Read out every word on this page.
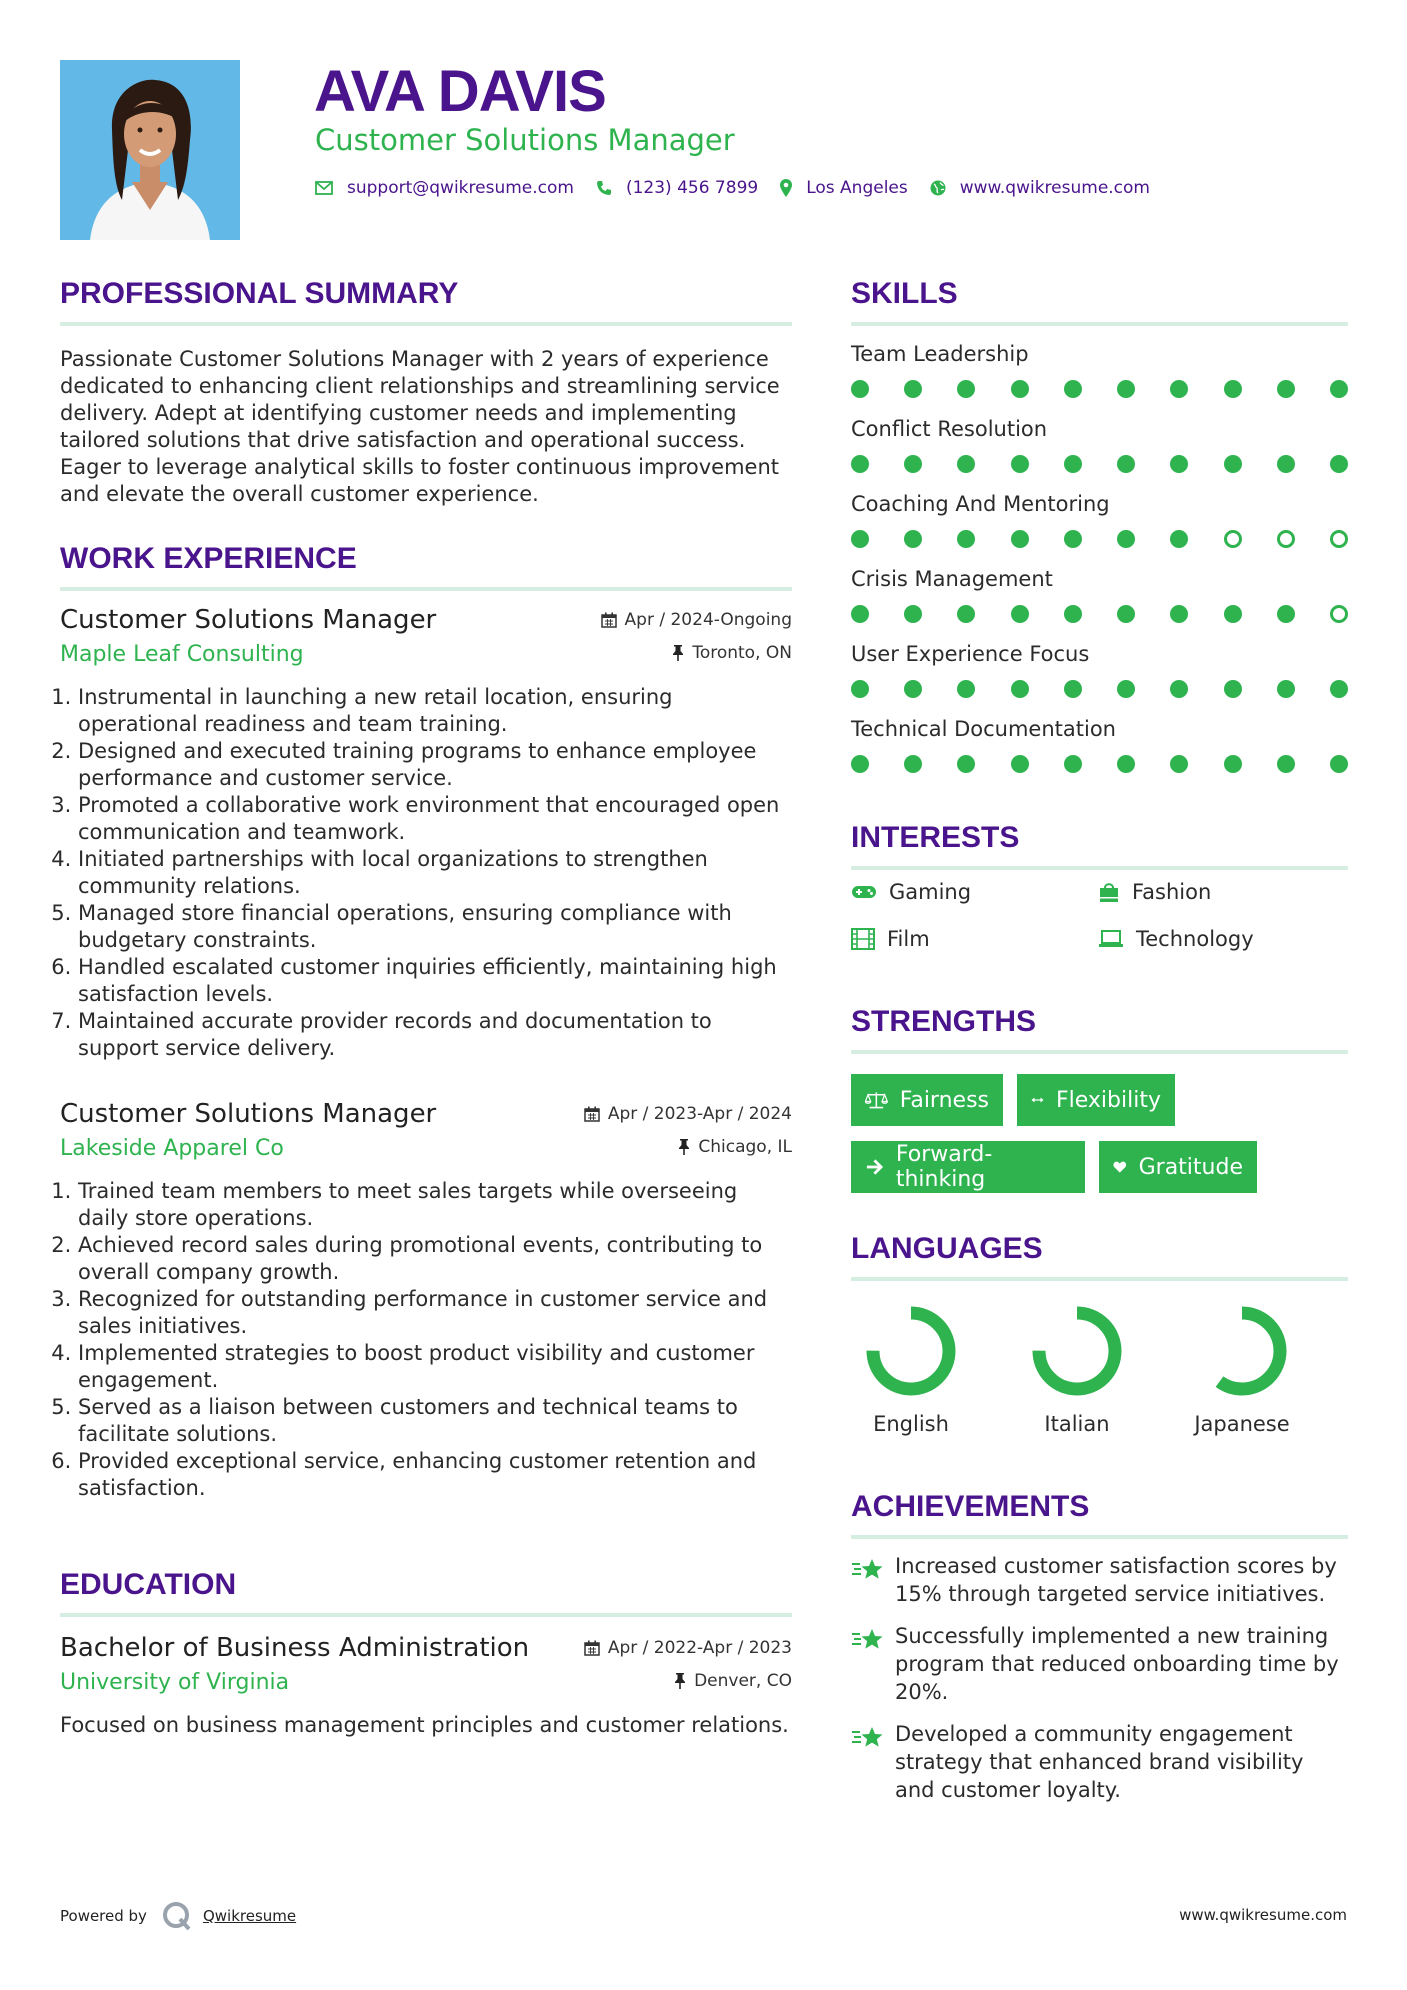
AVA DAVIS
Customer Solutions Manager
support@qwikresume.com	(123) 456 7899	Los Angeles	www.qwikresume.com
PROFESSIONAL SUMMARY

Passionate Customer Solutions Manager with 2 years of experience dedicated to enhancing client relationships and streamlining service delivery. Adept at identifying customer needs and implementing tailored solutions that drive satisfaction and operational success. Eager to leverage analytical skills to foster continuous improvement and elevate the overall customer experience.

WORK EXPERIENCE
Customer Solutions Manager	Apr / 2024-Ongoing
Maple Leaf Consulting	Toronto, ON
1. Instrumental in launching a new retail location, ensuring operational readiness and team training.
2. Designed and executed training programs to enhance employee performance and customer service.
3. Promoted a collaborative work environment that encouraged open communication and teamwork.
4. Initiated partnerships with local organizations to strengthen community relations.
5. Managed store financial operations, ensuring compliance with budgetary constraints.
6. Handled escalated customer inquiries efficiently, maintaining high satisfaction levels.
7. Maintained accurate provider records and documentation to support service delivery.
Customer Solutions Manager	Apr / 2023-Apr / 2024
Lakeside Apparel Co	Chicago, IL
1. Trained team members to meet sales targets while overseeing daily store operations.
2. Achieved record sales during promotional events, contributing to overall company growth.
3. Recognized for outstanding performance in customer service and sales initiatives.
4. Implemented strategies to boost product visibility and customer engagement.
5. Served as a liaison between customers and technical teams to facilitate solutions.
6. Provided exceptional service, enhancing customer retention and satisfaction.
EDUCATION
Bachelor of Business Administration	Apr / 2022-Apr / 2023
University of Virginia	Denver, CO

Focused on business management principles and customer relations.

SKILLS
Team Leadership
Conflict Resolution
Coaching And Mentoring
Crisis Management
User Experience Focus
Technical Documentation
INTERESTS
Gaming	Fashion
Film	Technology
STRENGTHS
Fairness	Flexibility
Forward-thinking	Gratitude
LANGUAGES
English	Italian	Japanese
ACHIEVEMENTS
Increased customer satisfaction scores by 15% through targeted service initiatives.
Successfully implemented a new training program that reduced onboarding time by 20%.
Developed a community engagement strategy that enhanced brand visibility and customer loyalty.
Powered by	Qwikresume	www.qwikresume.com
